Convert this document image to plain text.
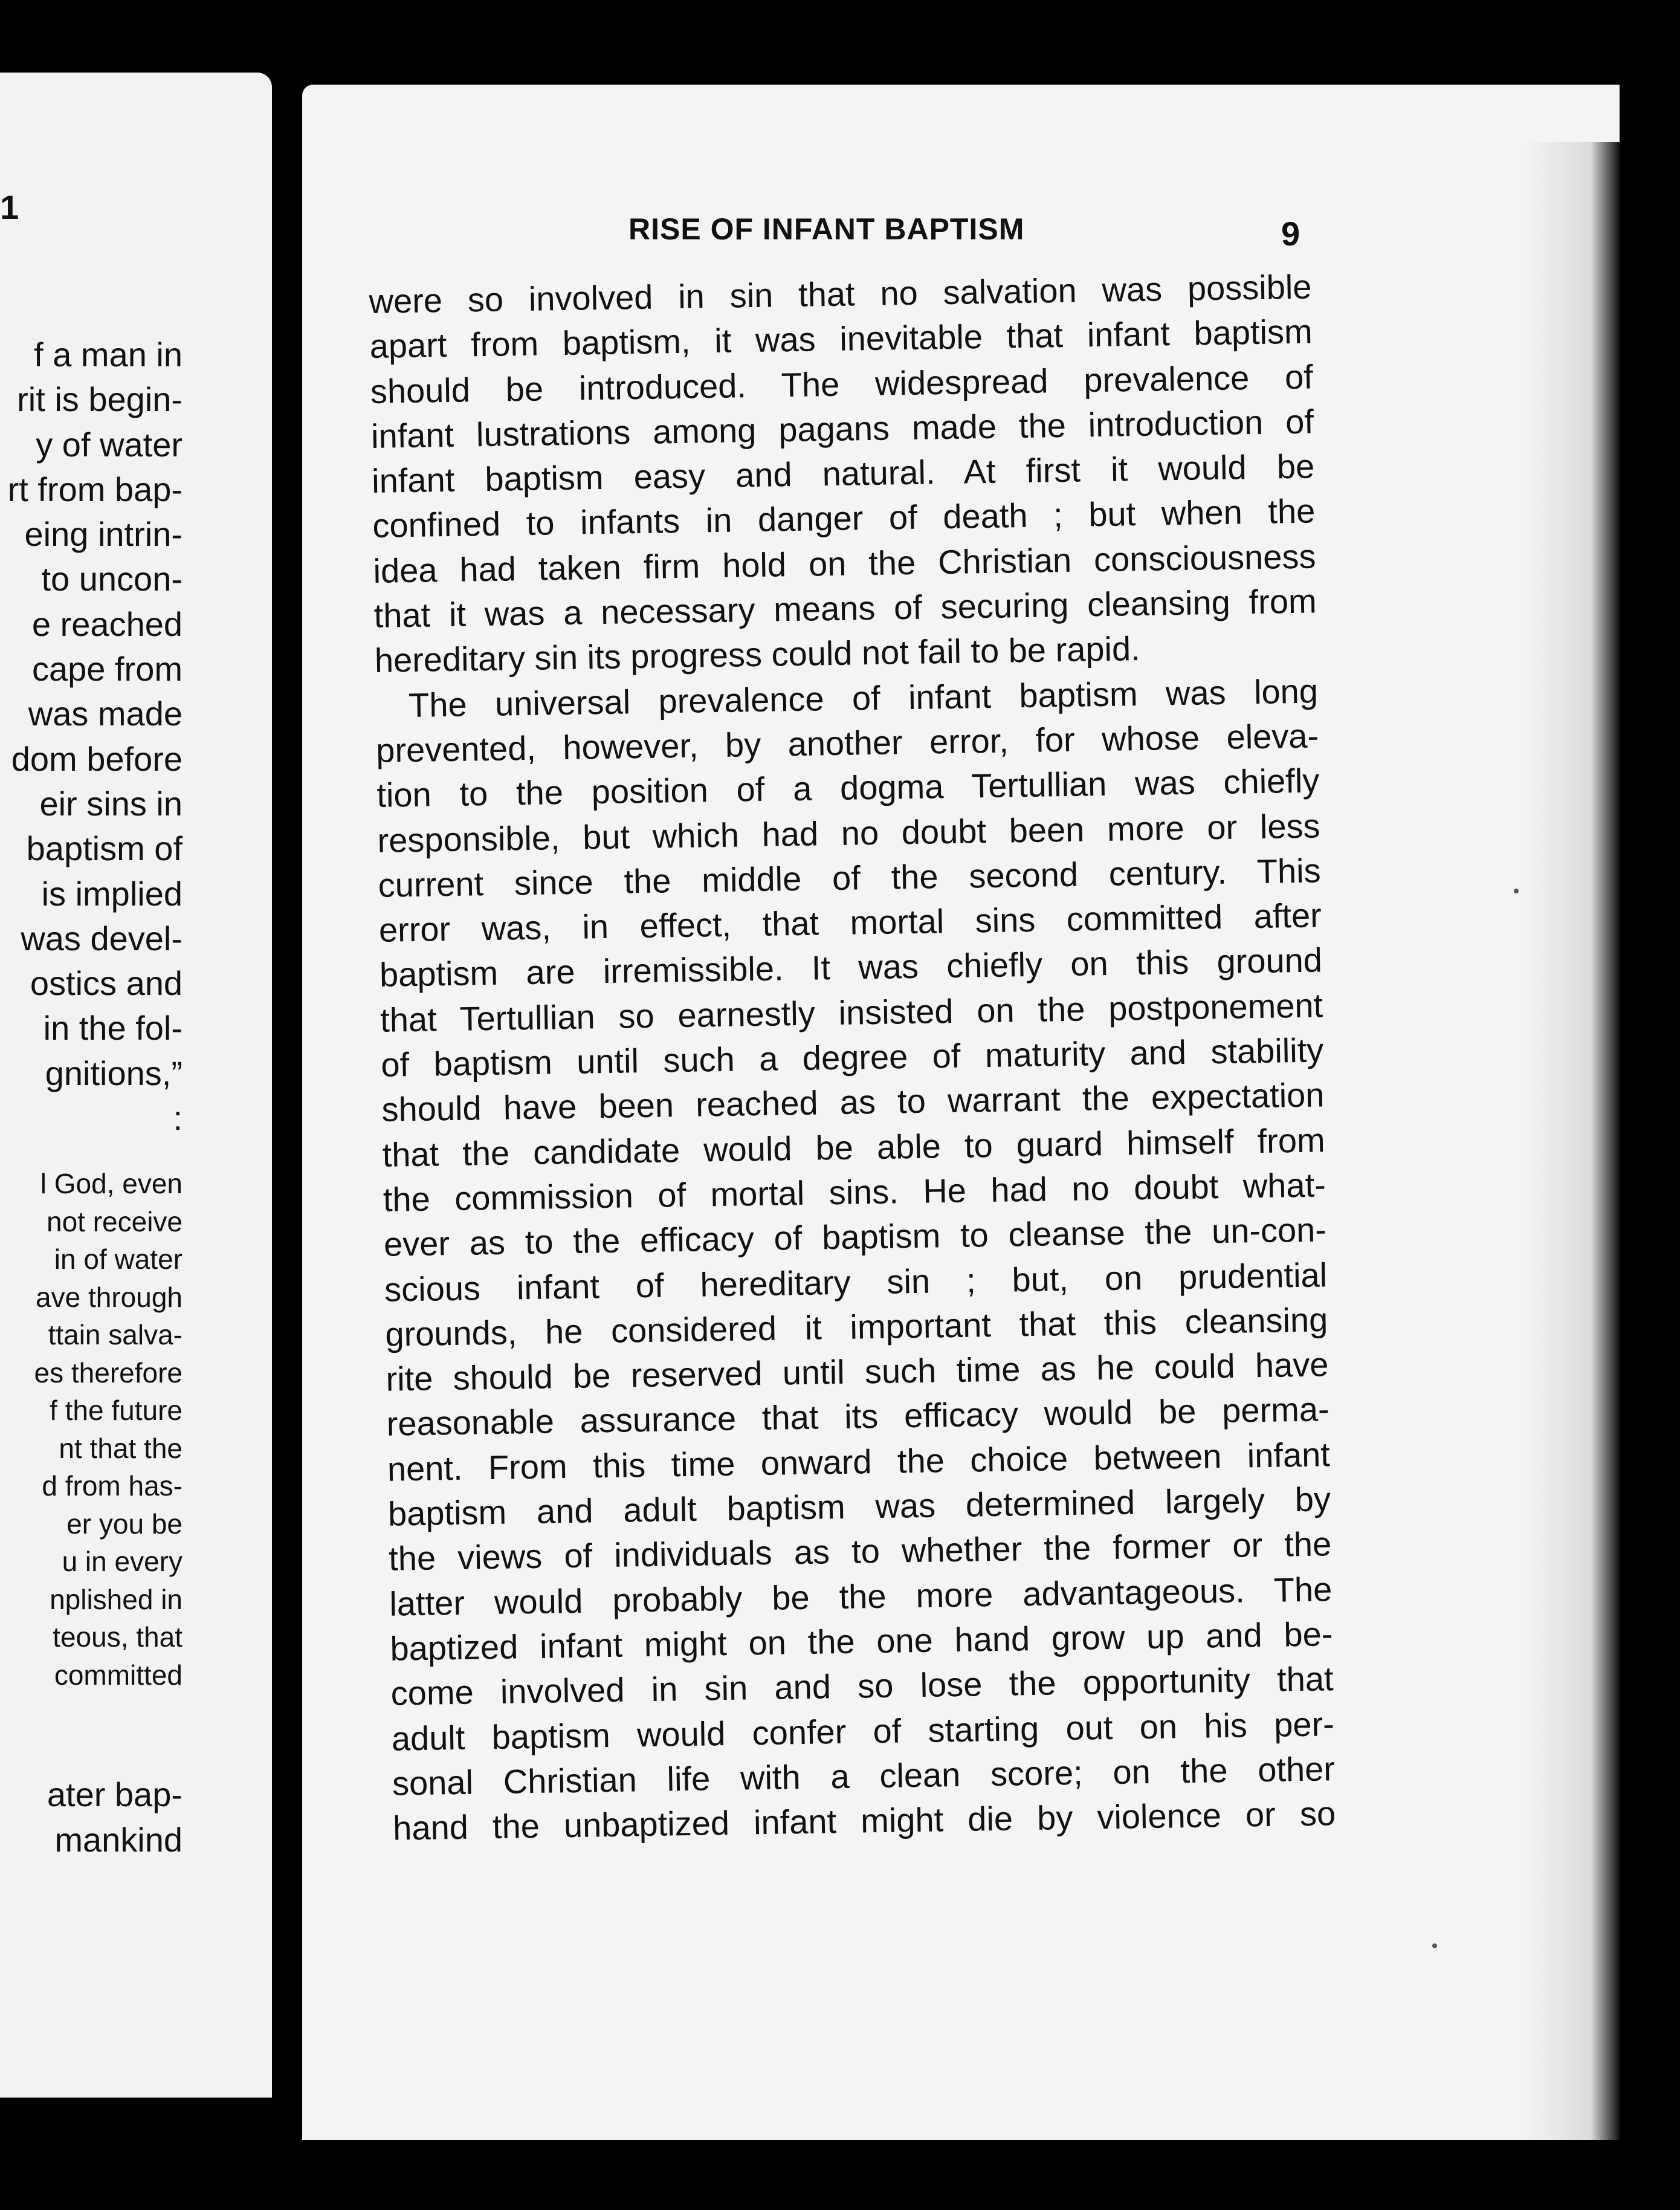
1
f a man in
rit is begin-
y of water
rt from bap-
eing intrin-
to uncon-
e reached
cape from
was made
dom before
eir sins in
baptism of
is implied
was devel-
ostics and
in the fol-
gnitions,”
:
l God, even
not receive
in of water
ave through
ttain salva-
es therefore
f the future
nt that the
d from has-
er you be
u in every
nplished in
teous, that
committed
ater bap-
mankind
RISE OF INFANT BAPTISM	9
were so involved in sin that no salvation was possible
apart from baptism, it was inevitable that infant baptism
should be introduced. The widespread prevalence of
infant lustrations among pagans made the introduction of
infant baptism easy and natural. At first it would be
confined to infants in danger of death ; but when the
idea had taken firm hold on the Christian consciousness
that it was a necessary means of securing cleansing from
hereditary sin its progress could not fail to be rapid.
The universal prevalence of infant baptism was long
prevented, however, by another error, for whose eleva-
tion to the position of a dogma Tertullian was chiefly
responsible, but which had no doubt been more or less
current since the middle of the second century. This
error was, in effect, that mortal sins committed after
baptism are irremissible. It was chiefly on this ground
that Tertullian so earnestly insisted on the postponement
of baptism until such a degree of maturity and stability
should have been reached as to warrant the expectation
that the candidate would be able to guard himself from
the commission of mortal sins. He had no doubt what-
ever as to the efficacy of baptism to cleanse the un-con-
scious infant of hereditary sin ; but, on prudential
grounds, he considered it important that this cleansing
rite should be reserved until such time as he could have
reasonable assurance that its efficacy would be perma-
nent. From this time onward the choice between infant
baptism and adult baptism was determined largely by
the views of individuals as to whether the former or the
latter would probably be the more advantageous. The
baptized infant might on the one hand grow up and be-
come involved in sin and so lose the opportunity that
adult baptism would confer of starting out on his per-
sonal Christian life with a clean score; on the other
hand the unbaptized infant might die by violence or so
